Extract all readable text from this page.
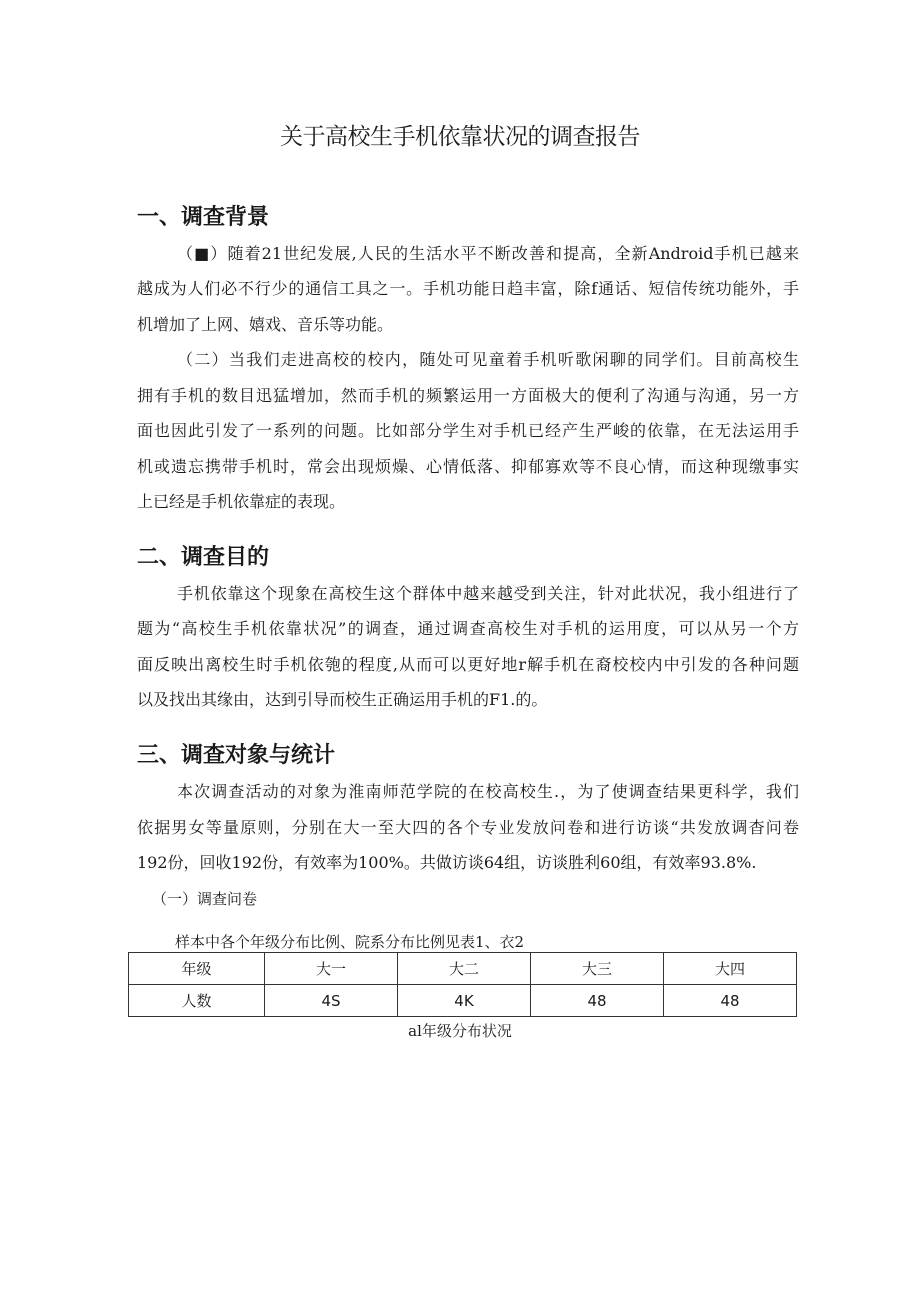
关于高校生手机依靠状况的调查报告
一、调查背景
（■）随着21世纪发展,人民的生活水平不断改善和提高，全新Android手机已越来
越成为人们必不行少的通信工具之一。手机功能日趋丰富，除f通话、短信传统功能外，手
机增加了上网、嬉戏、音乐等功能。
（二）当我们走进高校的校内，随处可见童着手机听歌闲聊的同学们。目前高校生
拥有手机的数目迅猛增加，然而手机的频繁运用一方面极大的便利了沟通与沟通，另一方
面也因此引发了一系列的问题。比如部分学生对手机已经产生严峻的依靠，在无法运用手
机或遗忘携带手机时，常会出现烦燥、心情低落、抑郁寡欢等不良心情，而这种现缴事实
上已经是手机依靠症的表现。
二、调查目的
手机依靠这个现象在高校生这个群体中越来越受到关注，针对此状况，我小组进行了
题为“高校生手机依靠状况”的调查，通过调查高校生对手机的运用度，可以从另一个方
面反映出离校生时手机依匏的程度,从而可以更好地r解手机在裔校校内中引发的各种问题
以及找出其缘由，达到引导而校生正确运用手机的F1.的。
三、调查对象与统计
本次调查活动的对象为淮南师范学院的在校高校生.，为了使调查结果更科学，我们
依据男女等量原则，分别在大一至大四的各个专业发放问卷和进行访谈“共发放调杳问卷
192份，回收192份，有效率为100%。共做访谈64组，访谈胜利60组，有效率93.8%.
（一）调查问卷
样本中各个年级分布比例、院系分布比例见表1、衣2
年级	大一	大二	大三	大四
人数	4S	4K	48	48
al年级分布状况
